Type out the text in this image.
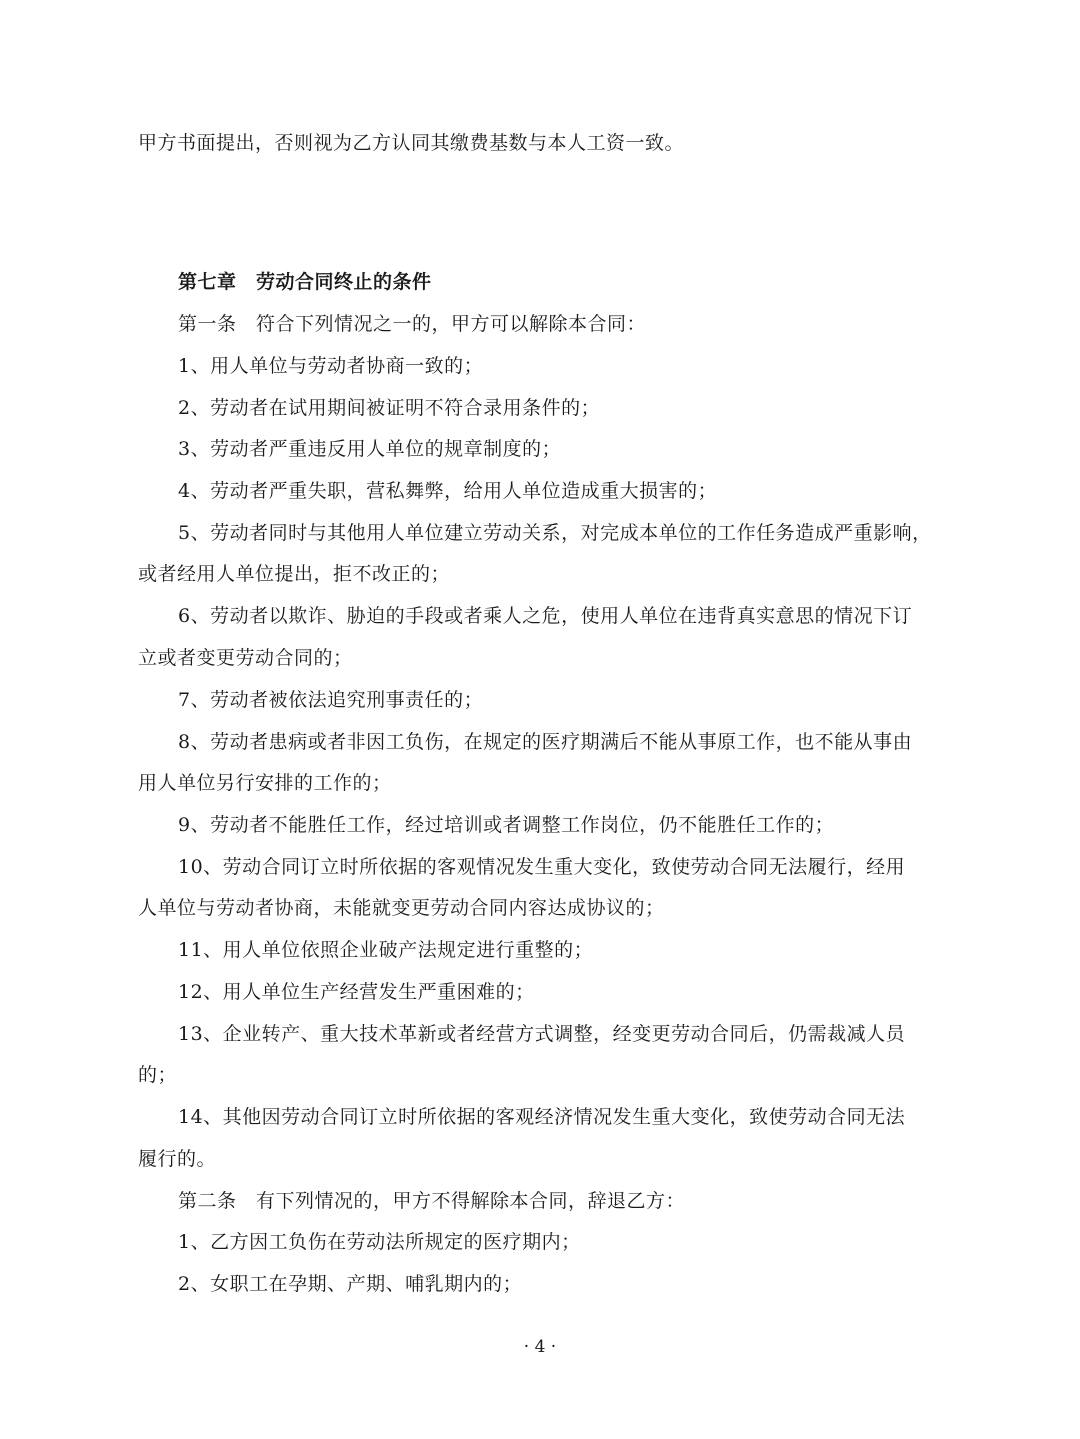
甲方书面提出，否则视为乙方认同其缴费基数与本人工资一致。
第七章　劳动合同终止的条件
第一条　符合下列情况之一的，甲方可以解除本合同：
1、用人单位与劳动者协商一致的；
2、劳动者在试用期间被证明不符合录用条件的；
3、劳动者严重违反用人单位的规章制度的；
4、劳动者严重失职，营私舞弊，给用人单位造成重大损害的；
5、劳动者同时与其他用人单位建立劳动关系，对完成本单位的工作任务造成严重影响，
或者经用人单位提出，拒不改正的；
6、劳动者以欺诈、胁迫的手段或者乘人之危，使用人单位在违背真实意思的情况下订
立或者变更劳动合同的；
7、劳动者被依法追究刑事责任的；
8、劳动者患病或者非因工负伤，在规定的医疗期满后不能从事原工作，也不能从事由
用人单位另行安排的工作的；
9、劳动者不能胜任工作，经过培训或者调整工作岗位，仍不能胜任工作的；
10、劳动合同订立时所依据的客观情况发生重大变化，致使劳动合同无法履行，经用
人单位与劳动者协商，未能就变更劳动合同内容达成协议的；
11、用人单位依照企业破产法规定进行重整的；
12、用人单位生产经营发生严重困难的；
13、企业转产、重大技术革新或者经营方式调整，经变更劳动合同后，仍需裁减人员
的；
14、其他因劳动合同订立时所依据的客观经济情况发生重大变化，致使劳动合同无法
履行的。
第二条　有下列情况的，甲方不得解除本合同，辞退乙方：
1、乙方因工负伤在劳动法所规定的医疗期内；
2、女职工在孕期、产期、哺乳期内的；
· 4 ·
